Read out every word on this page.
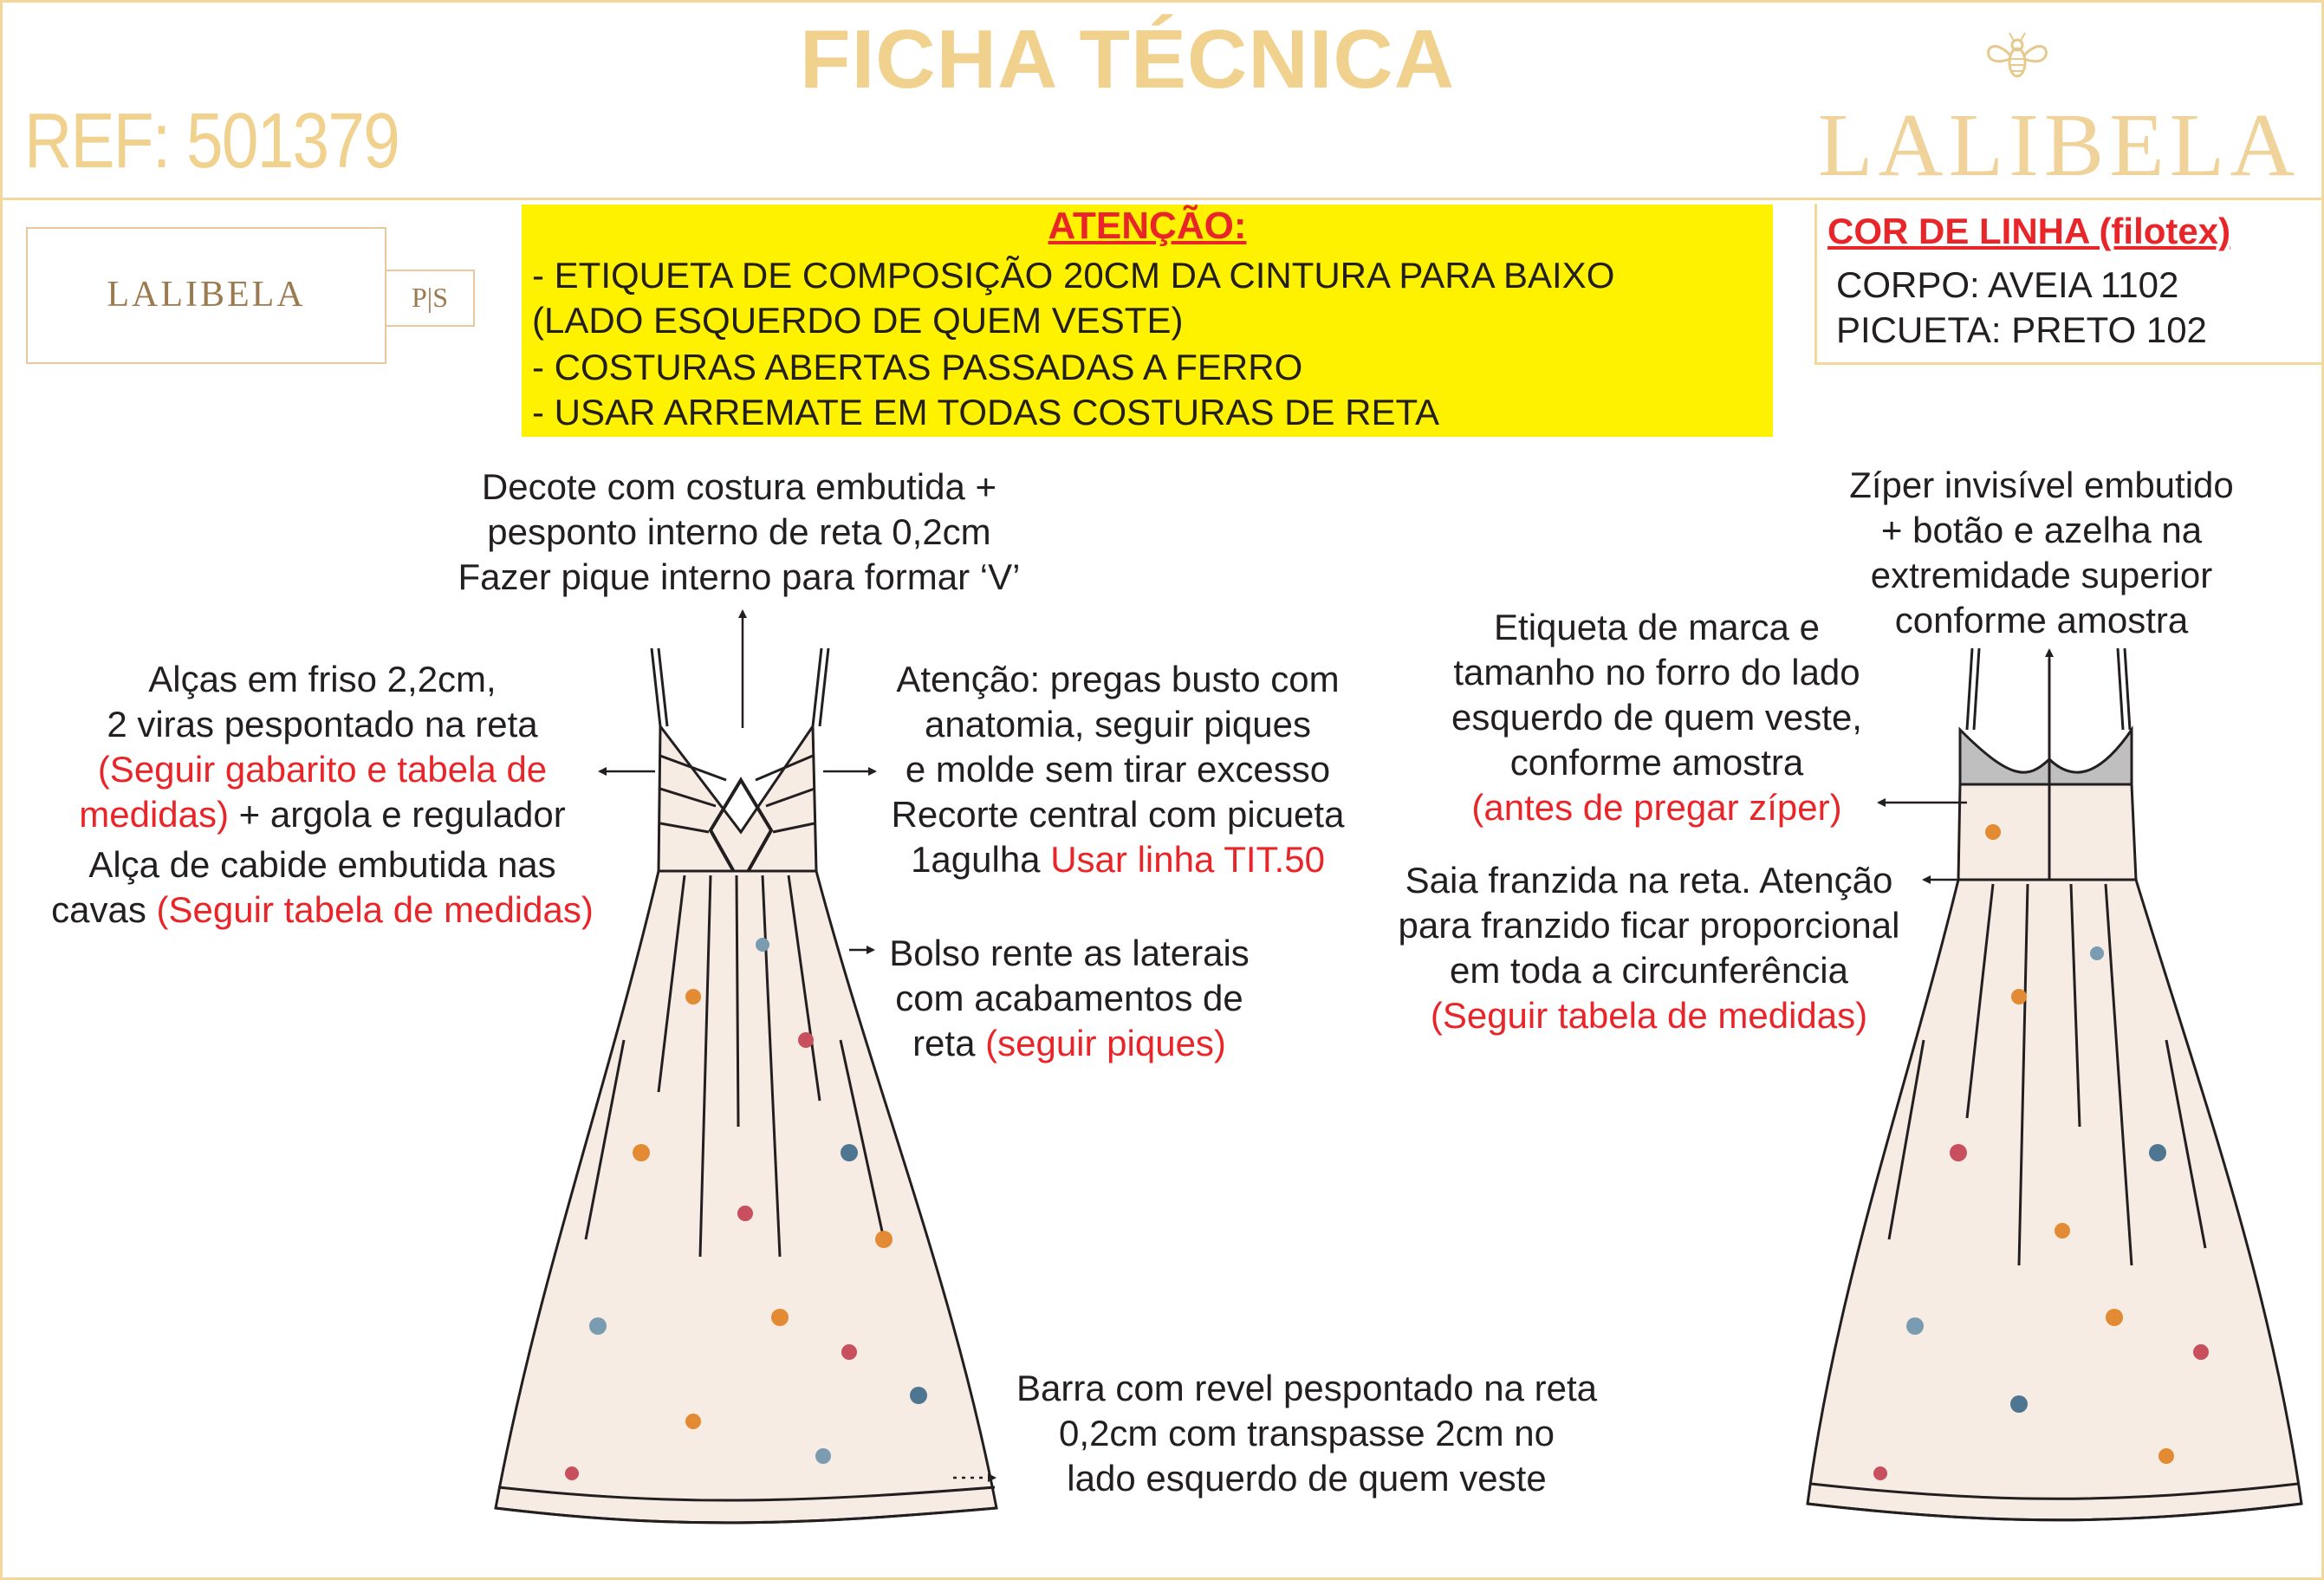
FICHA TÉCNICA
REF: 501379	LALIBELA
LALIBELA	P|S
ATENÇÃO:
- ETIQUETA DE COMPOSIÇÃO 20CM DA CINTURA PARA BAIXO
(LADO ESQUERDO DE QUEM VESTE)
- COSTURAS ABERTAS PASSADAS A FERRO
- USAR ARREMATE EM TODAS COSTURAS DE RETA
COR DE LINHA (filotex)
CORPO: AVEIA 1102
PICUETA: PRETO 102
Decote com costura embutida +
pesponto interno de reta 0,2cm
Fazer pique interno para formar ‘V’
Alças em friso 2,2cm,
2 viras pespontado na reta
(Seguir gabarito e tabela de
medidas) + argola e regulador
Alça de cabide embutida nas
cavas (Seguir tabela de medidas)
Atenção: pregas busto com
anatomia, seguir piques
e molde sem tirar excesso
Recorte central com picueta
1agulha Usar linha TIT.50
Bolso rente as laterais
com acabamentos de
reta (seguir piques)
Barra com revel pespontado na reta
0,2cm com transpasse 2cm no
lado esquerdo de quem veste
Zíper invisível embutido
+ botão e azelha na
extremidade superior
conforme amostra
Etiqueta de marca e
tamanho no forro do lado
esquerdo de quem veste,
conforme amostra
(antes de pregar zíper)
Saia franzida na reta. Atenção
para franzido ficar proporcional
em toda a circunferência
(Seguir tabela de medidas)
